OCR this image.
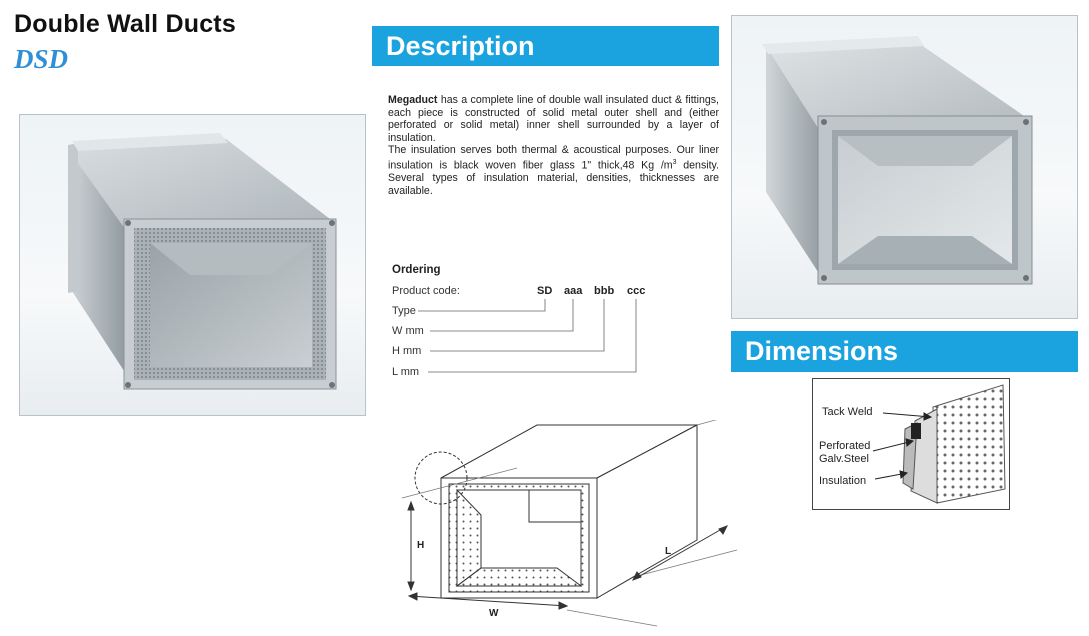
Double Wall Ducts
DSD	Description

Megaduct has a complete line of double wall insulated duct & fittings, each piece is constructed of solid metal outer shell and (either perforated or solid metal) inner shell surrounded by a layer of insulation.

The insulation serves both thermal & acoustical purposes. Our liner insulation is black woven fiber glass 1" thick,48 Kg $/m^3$ density. Several types of insulation material, densities, thicknesses are available.

Ordering
Product code:	SD aaa bbb ccc
Type
W mm
H mm
L mm
H
W
L
Dimensions
Tack Weld
Perforated
Galv.Steel
Insulation
